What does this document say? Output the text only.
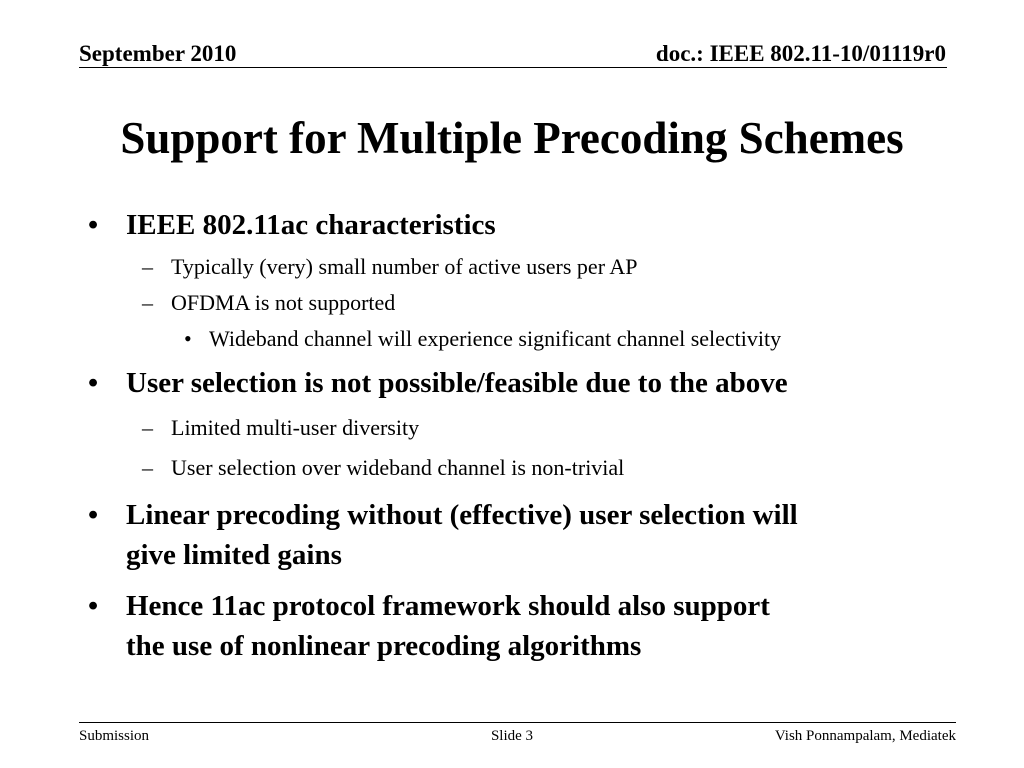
September 2010	doc.: IEEE 802.11-10/01119r0
Support for Multiple Precoding Schemes
• IEEE 802.11ac characteristics
– Typically (very) small number of active users per AP
– OFDMA is not supported
• Wideband channel will experience significant channel selectivity
• User selection is not possible/feasible due to the above
– Limited multi-user diversity
– User selection over wideband channel is non-trivial
• Linear precoding without (effective) user selection will
give limited gains
• Hence 11ac protocol framework should also support
the use of nonlinear precoding algorithms
Submission	Slide 3	Vish Ponnampalam, Mediatek
